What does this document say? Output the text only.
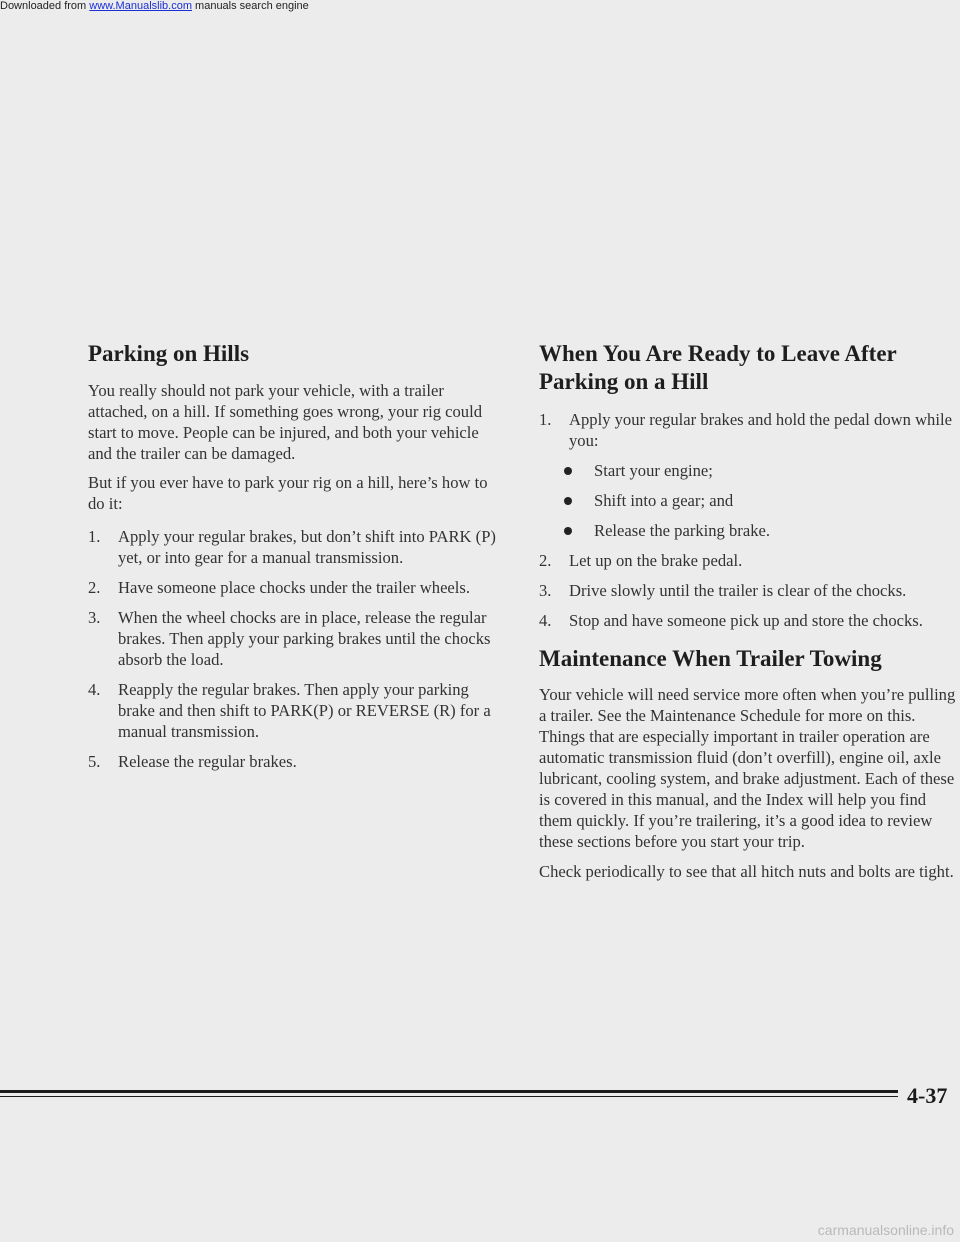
Downloaded from www.Manualslib.com manuals search engine
Parking on Hills

You really should not park your vehicle, with a trailer attached, on a hill. If something goes wrong, your rig could start to move. People can be injured, and both your vehicle and the trailer can be damaged.

But if you ever have to park your rig on a hill, here’s how to do it:

1. Apply your regular brakes, but don’t shift into PARK (P) yet, or into gear for a manual transmission.
2. Have someone place chocks under the trailer wheels.
3. When the wheel chocks are in place, release the regular brakes. Then apply your parking brakes until the chocks absorb the load.
4. Reapply the regular brakes. Then apply your parking brake and then shift to PARK(P) or REVERSE (R) for a manual transmission.
5. Release the regular brakes.
When You Are Ready to Leave After Parking on a Hill
1. Apply your regular brakes and hold the pedal down while you:
Start your engine;
Shift into a gear; and
Release the parking brake.
2. Let up on the brake pedal.
3. Drive slowly until the trailer is clear of the chocks.
4. Stop and have someone pick up and store the chocks.
Maintenance When Trailer Towing

Your vehicle will need service more often when you’re pulling a trailer. See the Maintenance Schedule for more on this. Things that are especially important in trailer operation are automatic transmission fluid (don’t overfill), engine oil, axle lubricant, cooling system, and brake adjustment. Each of these is covered in this manual, and the Index will help you find them quickly. If you’re trailering, it’s a good idea to review these sections before you start your trip.

Check periodically to see that all hitch nuts and bolts are tight.

4-37
carmanualsonline.info
